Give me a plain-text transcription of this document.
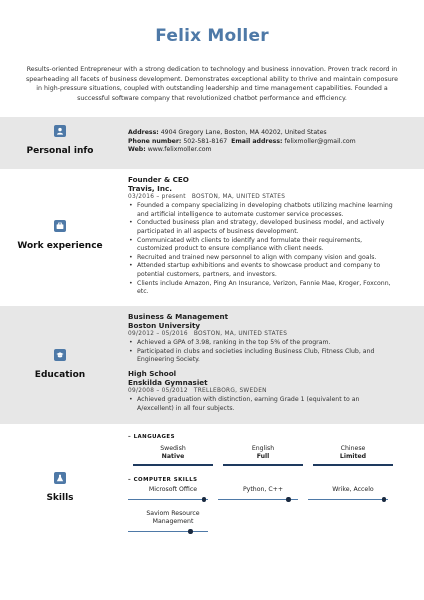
Felix Moller
Results-oriented Entrepreneur with a strong dedication to technology and business innovation. Proven track record in spearheading all facets of business development. Demonstrates exceptional ability to thrive and maintain composure in high-pressure situations, coupled with outstanding leadership and time management capabilities. Founded a successful software company that revolutionized chatbot performance and efficiency.
Personal info
Address: 4904 Gregory Lane, Boston, MA 40202, United States
Phone number: 502-581-8167 Email address: felixmoller@gmail.com
Web: www.felixmoller.com
Work experience
Founder & CEO
Travis, Inc.
03/2016 – present BOSTON, MA, UNITED STATES
• Founded a company specializing in developing chatbots utilizing machine learning and artificial intelligence to automate customer service processes.
• Conducted business plan and strategy, developed business model, and actively participated in all aspects of business development.
• Communicated with clients to identify and formulate their requirements, customized product to ensure compliance with client needs.
• Recruited and trained new personnel to align with company vision and goals.
• Attended startup exhibitions and events to showcase product and company to potential customers, partners, and investors.
• Clients include Amazon, Ping An Insurance, Verizon, Fannie Mae, Kroger, Foxconn, etc.
Education
Business & Management
Boston University
09/2012 – 05/2016 BOSTON, MA, UNITED STATES
• Achieved a GPA of 3.98, ranking in the top 5% of the program.
• Participated in clubs and societies including Business Club, Fitness Club, and Engineering Society.
High School
Enskilda Gymnasiet
09/2008 – 05/2012 TRELLEBORG, SWEDEN
• Achieved graduation with distinction, earning Grade 1 (equivalent to an A/excellent) in all four subjects.
Skills
– LANGUAGES
Swedish
Native
English
Full
Chinese
Limited
– COMPUTER SKILLS
Microsoft Office	Python, C++	Wrike, Accelo
Saviom Resource Management
